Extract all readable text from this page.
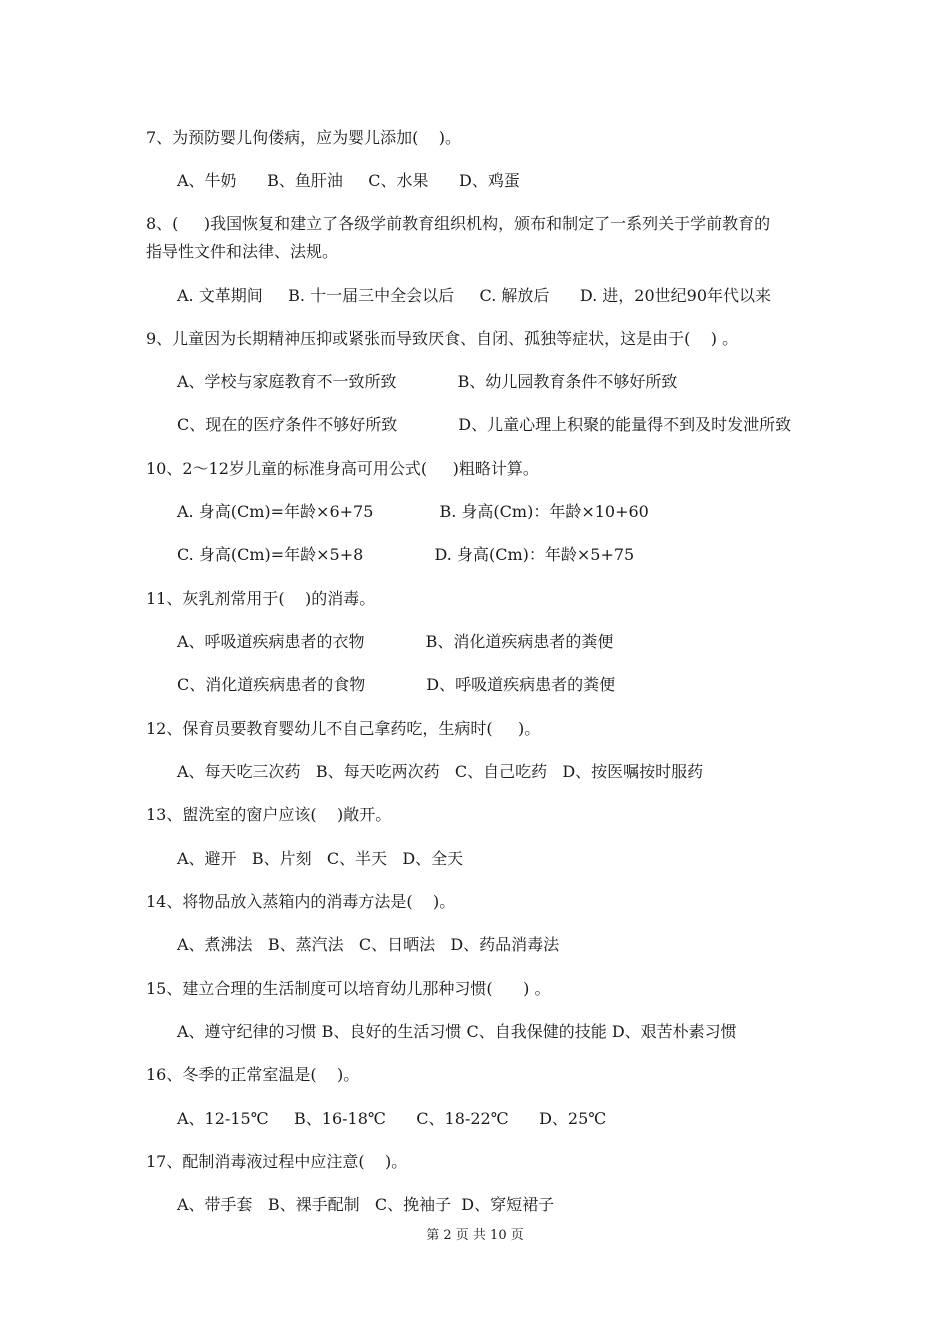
7、为预防婴儿佝偻病，应为婴儿添加(    )。
A、牛奶      B、鱼肝油     C、水果      D、鸡蛋
8、(     )我国恢复和建立了各级学前教育组织机构，颁布和制定了一系列关于学前教育的
指导性文件和法律、法规。
A. 文革期间     B. 十一届三中全会以后     C. 解放后      D. 进，20世纪90年代以来
9、儿童因为长期精神压抑或紧张而导致厌食、自闭、孤独等症状，这是由于(    ) 。
A、学校与家庭教育不一致所致            B、幼儿园教育条件不够好所致
C、现在的医疗条件不够好所致            D、儿童心理上积聚的能量得不到及时发泄所致
10、2～12岁儿童的标准身高可用公式(     )粗略计算。
A. 身高(Cm)=年龄×6+75             B. 身高(Cm)：年龄×10+60
C. 身高(Cm)=年龄×5+8              D. 身高(Cm)：年龄×5+75
11、灰乳剂常用于(    )的消毒。
A、呼吸道疾病患者的衣物            B、消化道疾病患者的粪便
C、消化道疾病患者的食物            D、呼吸道疾病患者的粪便
12、保育员要教育婴幼儿不自己拿药吃，生病时(     )。
A、每天吃三次药   B、每天吃两次药   C、自己吃药   D、按医嘱按时服药
13、盥洗室的窗户应该(    )敞开。
A、避开   B、片刻   C、半天   D、全天
14、将物品放入蒸箱内的消毒方法是(    )。
A、煮沸法   B、蒸汽法   C、日晒法   D、药品消毒法
15、建立合理的生活制度可以培育幼儿那种习惯(      ) 。
A、遵守纪律的习惯 B、良好的生活习惯 C、自我保健的技能 D、艰苦朴素习惯
16、冬季的正常室温是(    )。
A、12-15℃     B、16-18℃      C、18-22℃      D、25℃
17、配制消毒液过程中应注意(    )。
A、带手套   B、裸手配制   C、挽袖子  D、穿短裙子
第 2 页 共 10 页
